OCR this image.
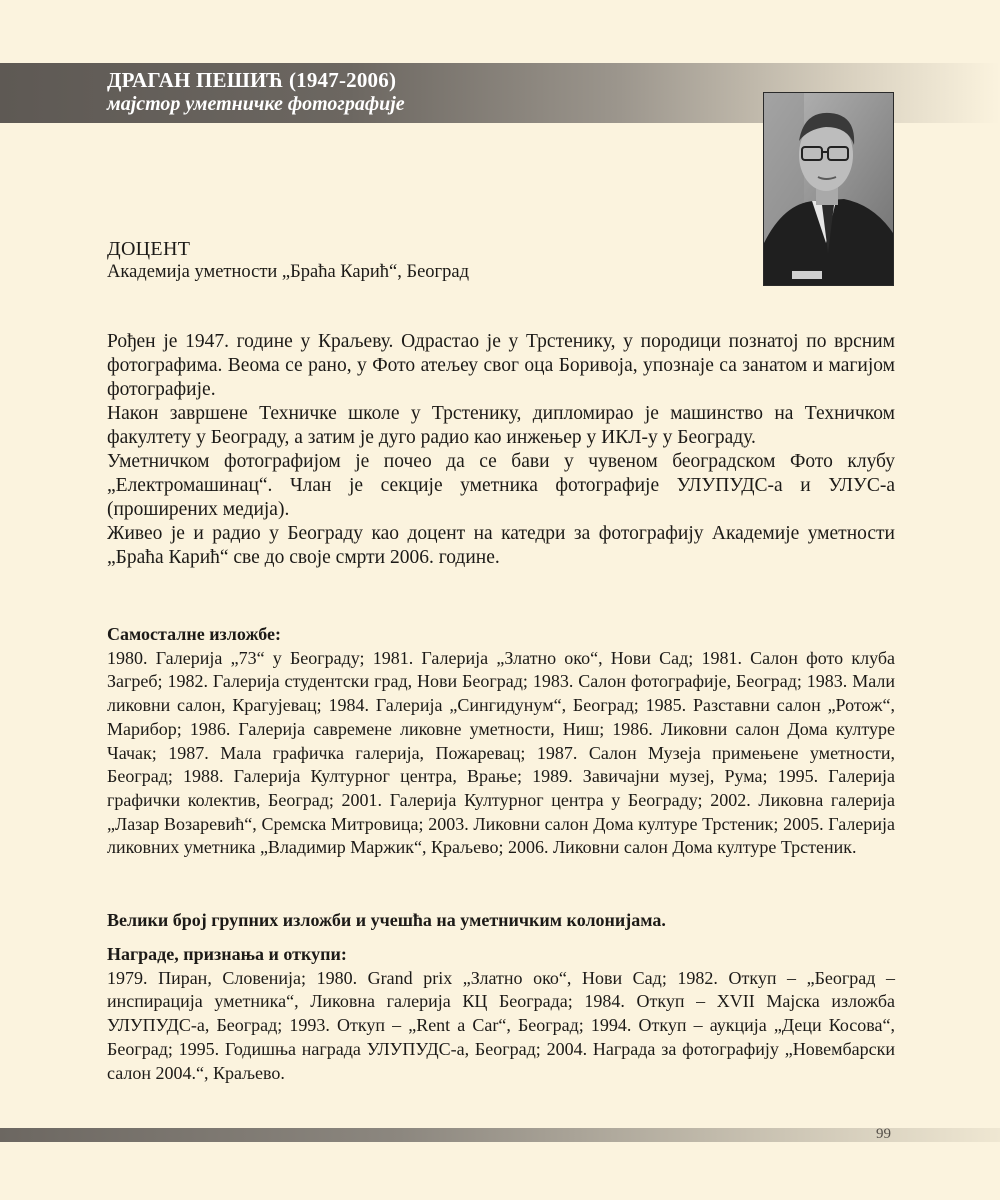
ДРАГАН ПЕШИЋ (1947-2006)
мајстор уметничке фотографије
ДОЦЕНТ
Академија уметности „Браћа Карић“, Београд

Рођен је 1947. године у Краљеву. Одрастао је у Трстенику, у породици познатој по врсним фотографима. Веома се рано, у Фото атељеу свог оца Боривоја, упознаје са занатом и магијом фотографије.

Након завршене Техничке школе у Трстенику, дипломирао је машинство на Техничком факултету у Београду, а затим је дуго радио као инжењер у ИКЛ-у у Београду.

Уметничком фотографијом је почео да се бави у чувеном београдском Фото клубу „Електромашинац“. Члан је секције уметника фотографије УЛУПУДС-а и УЛУС-а (проширених медија).

Живео је и радио у Београду као доцент на катедри за фотографију Академије уметности „Браћа Карић“ све до своје смрти 2006. године.

Самосталне изложбе:

1980. Галерија „73“ у Београду; 1981. Галерија „Златно око“, Нови Сад; 1981. Салон фото клуба Загреб; 1982. Галерија студентски град, Нови Београд; 1983. Салон фотографије, Београд; 1983. Мали ликовни салон, Крагујевац; 1984. Галерија „Сингидунум“, Београд; 1985. Разставни салон „Ротож“, Марибор; 1986. Галерија савремене ликовне уметности, Ниш; 1986. Ликовни салон Дома културе Чачак; 1987. Мала графичка галерија, Пожаревац; 1987. Салон Музеја примењене уметности, Београд; 1988. Галерија Културног центра, Врање; 1989. Завичајни музеј, Рума; 1995. Галерија графички колектив, Београд; 2001. Галерија Културног центра у Београду; 2002. Ликовна галерија „Лазар Возаревић“, Сремска Митровица; 2003. Ликовни салон Дома културе Трстеник; 2005. Галерија ликовних уметника „Владимир Маржик“, Краљево; 2006. Ликовни салон Дома културе Трстеник.

Велики број групних изложби и учешћа на уметничким колонијама.

Награде, признања и откупи:

1979. Пиран, Словенија; 1980. Grand prix „Златно око“, Нови Сад; 1982. Откуп – „Београд – инспирација уметника“, Ликовна галерија КЦ Београда; 1984. Откуп – XVII Мајска изложба УЛУПУДС-а, Београд; 1993. Откуп – „Rent a Car“, Београд; 1994. Откуп – аукција „Деци Косова“, Београд; 1995. Годишња награда УЛУПУДС-а, Београд; 2004. Награда за фотографију „Новембарски салон 2004.“, Краљево.

99
